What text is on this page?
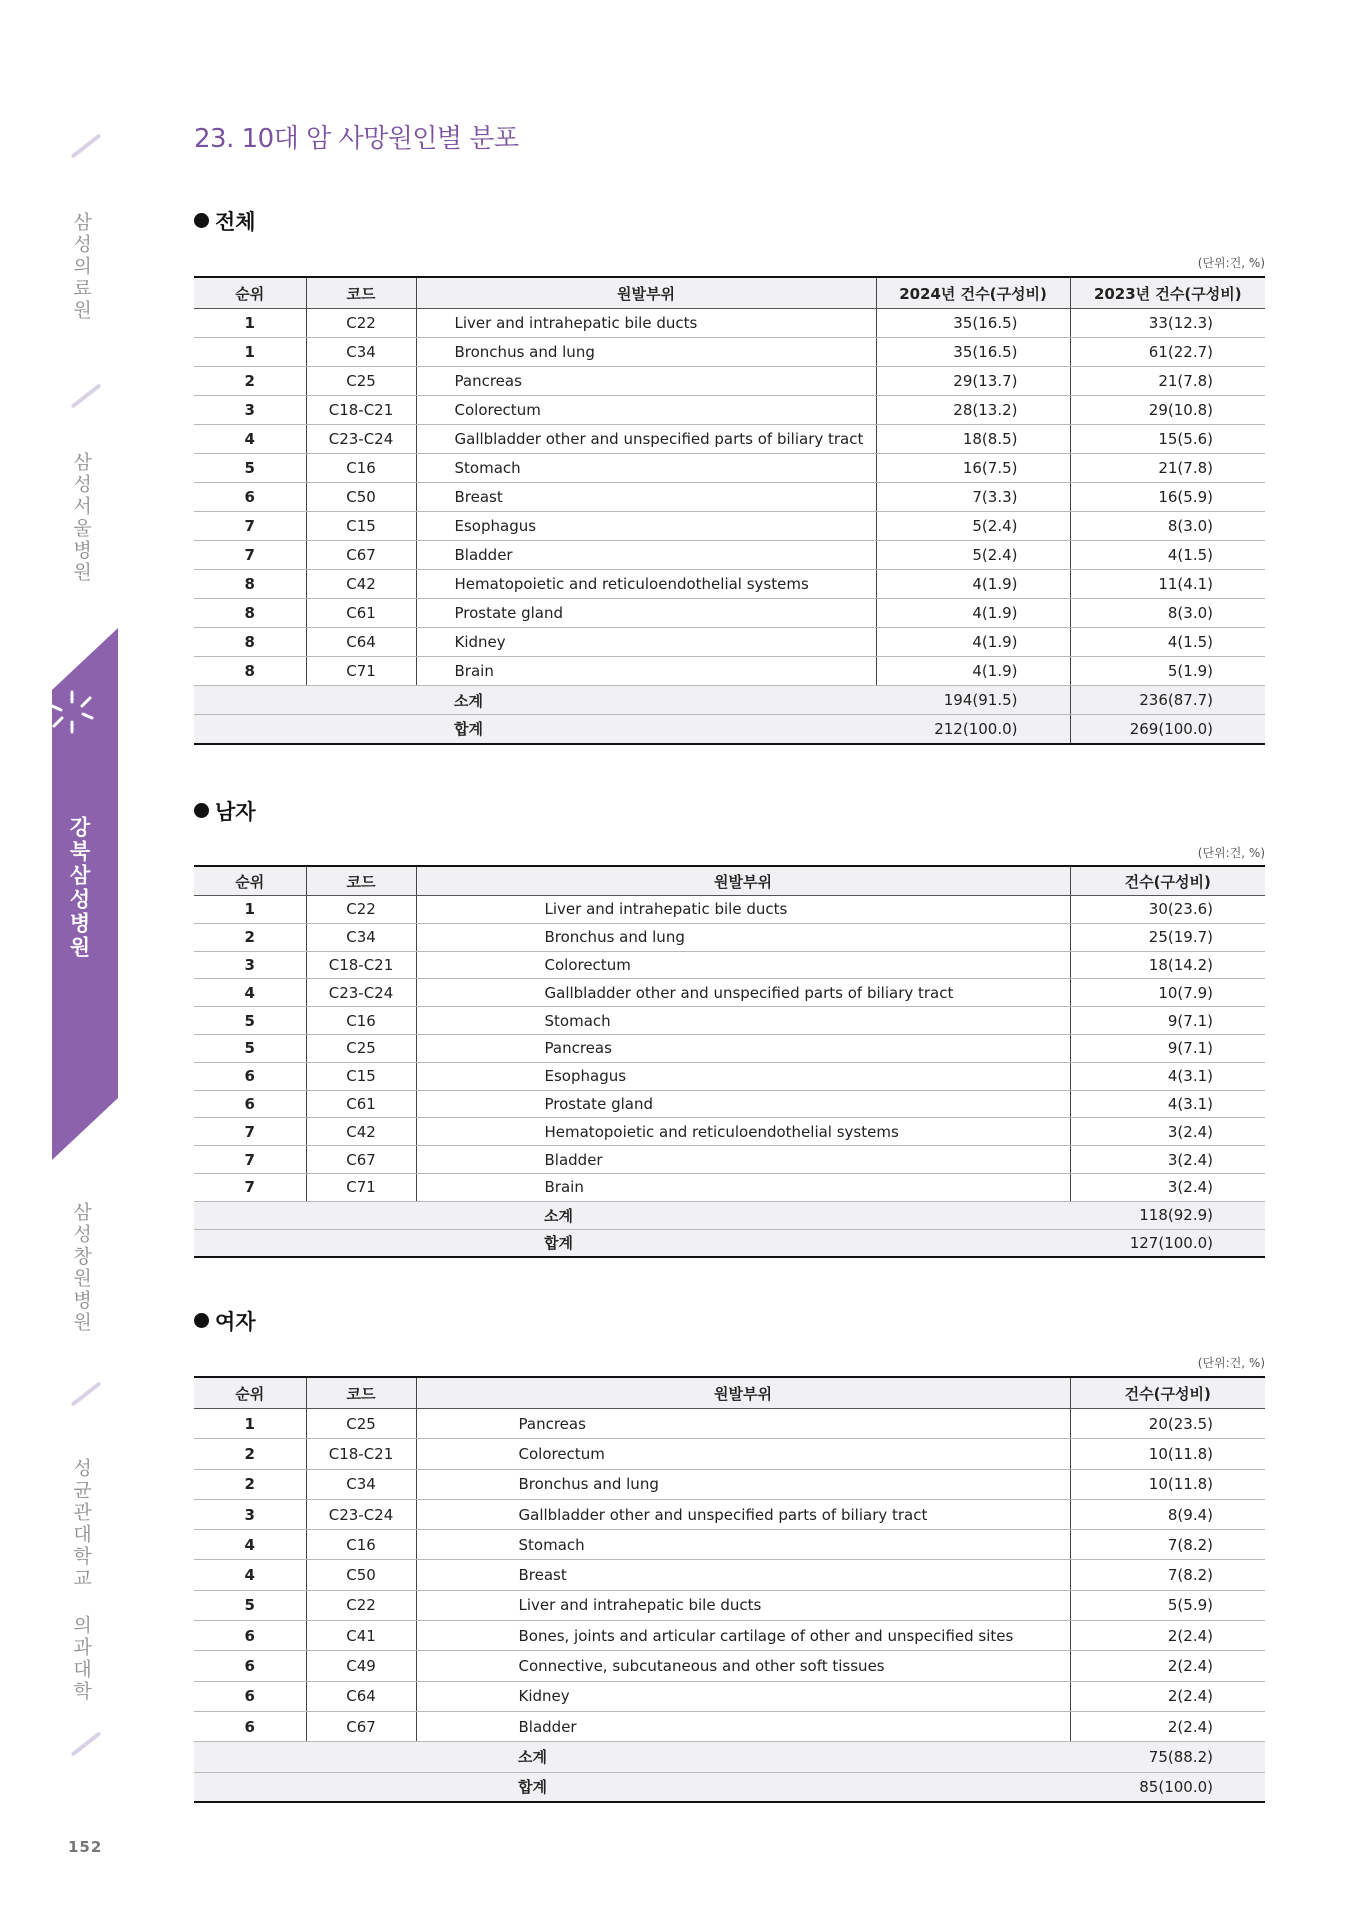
삼성의료원
삼성서울병원
강북삼성병원
삼성창원병원
성균관대학교 의과대학
152
23. 10대 암 사망원인별 분포
전체
(단위:건, %)
순위	코드	원발부위	2024년 건수(구성비)	2023년 건수(구성비)
1	C22	Liver and intrahepatic bile ducts	35(16.5)	33(12.3)
1	C34	Bronchus and lung	35(16.5)	61(22.7)
2	C25	Pancreas	29(13.7)	21(7.8)
3	C18-C21	Colorectum	28(13.2)	29(10.8)
4	C23-C24	Gallbladder other and unspecified parts of biliary tract	18(8.5)	15(5.6)
5	C16	Stomach	16(7.5)	21(7.8)
6	C50	Breast	7(3.3)	16(5.9)
7	C15	Esophagus	5(2.4)	8(3.0)
7	C67	Bladder	5(2.4)	4(1.5)
8	C42	Hematopoietic and reticuloendothelial systems	4(1.9)	11(4.1)
8	C61	Prostate gland	4(1.9)	8(3.0)
8	C64	Kidney	4(1.9)	4(1.5)
8	C71	Brain	4(1.9)	5(1.9)
		소계	194(91.5)	236(87.7)
		합계	212(100.0)	269(100.0)
남자
(단위:건, %)
순위	코드	원발부위	건수(구성비)
1	C22	Liver and intrahepatic bile ducts	30(23.6)
2	C34	Bronchus and lung	25(19.7)
3	C18-C21	Colorectum	18(14.2)
4	C23-C24	Gallbladder other and unspecified parts of biliary tract	10(7.9)
5	C16	Stomach	9(7.1)
5	C25	Pancreas	9(7.1)
6	C15	Esophagus	4(3.1)
6	C61	Prostate gland	4(3.1)
7	C42	Hematopoietic and reticuloendothelial systems	3(2.4)
7	C67	Bladder	3(2.4)
7	C71	Brain	3(2.4)
		소계	118(92.9)
		합계	127(100.0)
여자
(단위:건, %)
순위	코드	원발부위	건수(구성비)
1	C25	Pancreas	20(23.5)
2	C18-C21	Colorectum	10(11.8)
2	C34	Bronchus and lung	10(11.8)
3	C23-C24	Gallbladder other and unspecified parts of biliary tract	8(9.4)
4	C16	Stomach	7(8.2)
4	C50	Breast	7(8.2)
5	C22	Liver and intrahepatic bile ducts	5(5.9)
6	C41	Bones, joints and articular cartilage of other and unspecified sites	2(2.4)
6	C49	Connective, subcutaneous and other soft tissues	2(2.4)
6	C64	Kidney	2(2.4)
6	C67	Bladder	2(2.4)
		소계	75(88.2)
		합계	85(100.0)
